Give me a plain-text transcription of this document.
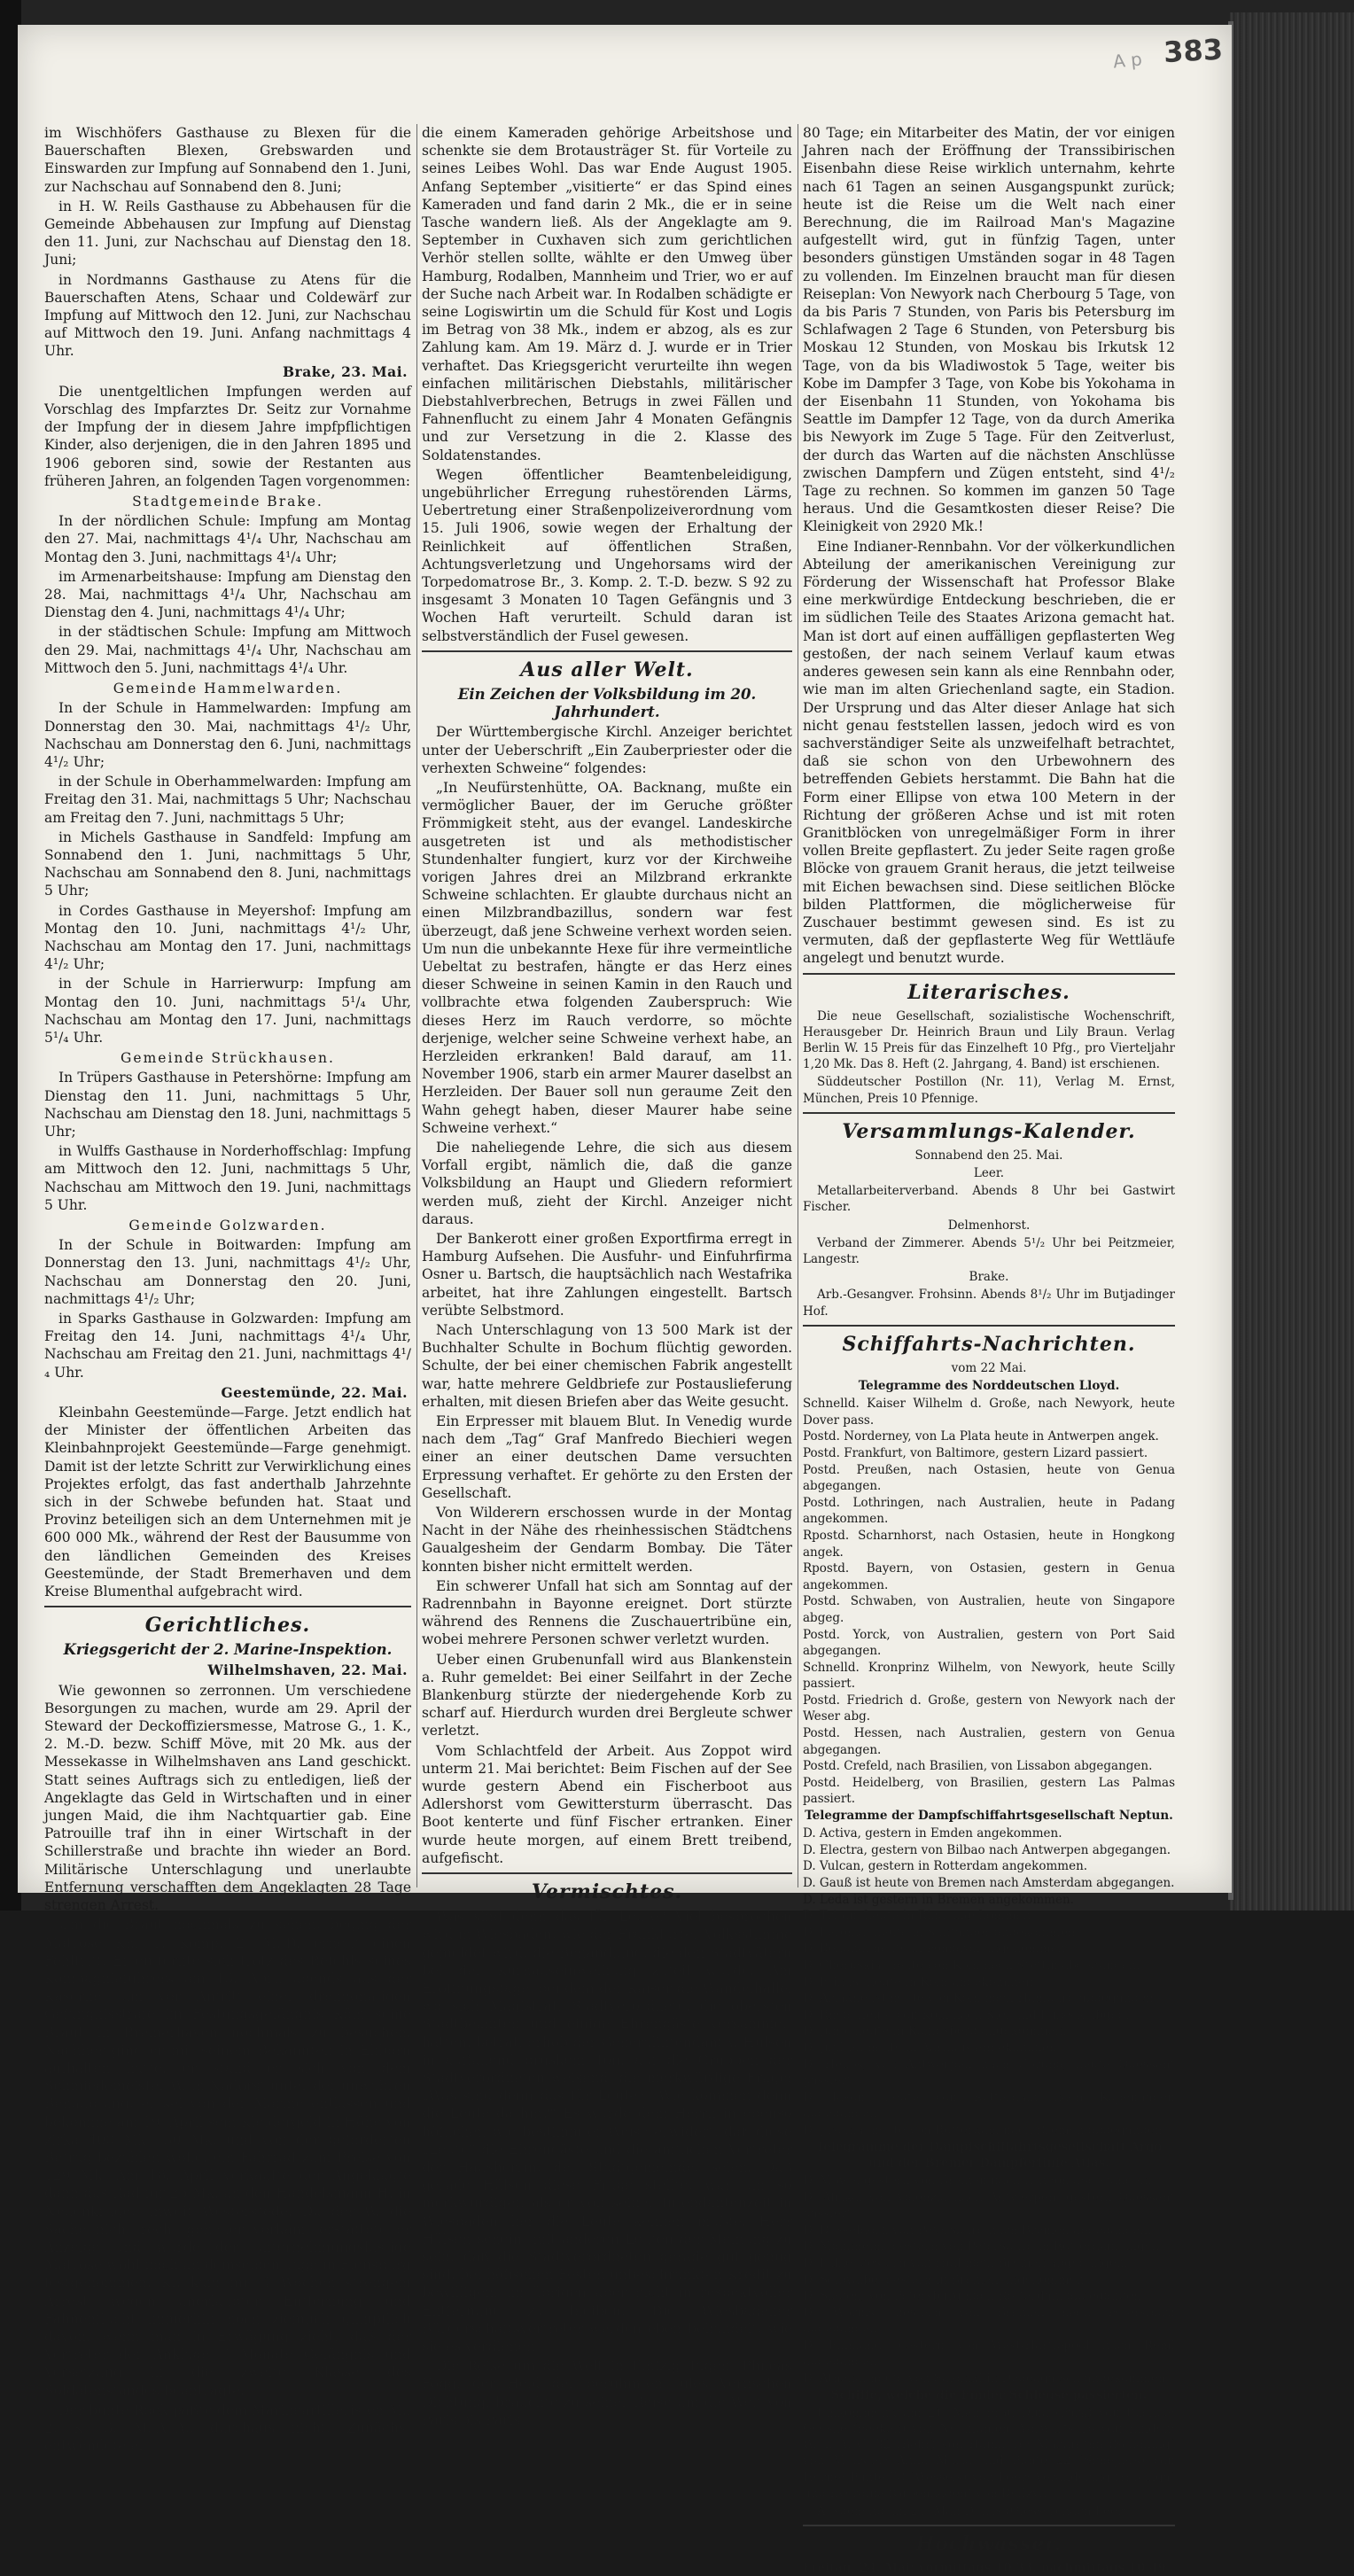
A p 383

im Wischhöfers Gasthause zu Blexen für die Bauerschaften Blexen, Grebswarden und Einswarden zur Impfung auf Sonnabend den 1. Juni, zur Nachschau auf Sonnabend den 8. Juni;

in H. W. Reils Gasthause zu Abbehausen für die Gemeinde Abbehausen zur Impfung auf Dienstag den 11. Juni, zur Nachschau auf Dienstag den 18. Juni;

in Nordmanns Gasthause zu Atens für die Bauerschaften Atens, Schaar und Coldewärf zur Impfung auf Mittwoch den 12. Juni, zur Nachschau auf Mittwoch den 19. Juni. Anfang nachmittags 4 Uhr.

Brake, 23. Mai.

Die unentgeltlichen Impfungen werden auf Vorschlag des Impfarztes Dr. Seitz zur Vornahme der Impfung der in diesem Jahre impfpflichtigen Kinder, also derjenigen, die in den Jahren 1895 und 1906 geboren sind, sowie der Restanten aus früheren Jahren, an folgenden Tagen vorgenommen:

Stadtgemeinde Brake.

In der nördlichen Schule: Impfung am Montag den 27. Mai, nachmittags 4¹/₄ Uhr, Nachschau am Montag den 3. Juni, nachmittags 4¹/₄ Uhr;

im Armenarbeitshause: Impfung am Dienstag den 28. Mai, nachmittags 4¹/₄ Uhr, Nachschau am Dienstag den 4. Juni, nachmittags 4¹/₄ Uhr;

in der städtischen Schule: Impfung am Mittwoch den 29. Mai, nachmittags 4¹/₄ Uhr, Nachschau am Mittwoch den 5. Juni, nachmittags 4¹/₄ Uhr.

Gemeinde Hammelwarden.

In der Schule in Hammelwarden: Impfung am Donnerstag den 30. Mai, nachmittags 4¹/₂ Uhr, Nachschau am Donnerstag den 6. Juni, nachmittags 4¹/₂ Uhr;

in der Schule in Oberhammelwarden: Impfung am Freitag den 31. Mai, nachmittags 5 Uhr; Nachschau am Freitag den 7. Juni, nachmittags 5 Uhr;

in Michels Gasthause in Sandfeld: Impfung am Sonnabend den 1. Juni, nachmittags 5 Uhr, Nachschau am Sonnabend den 8. Juni, nachmittags 5 Uhr;

in Cordes Gasthause in Meyershof: Impfung am Montag den 10. Juni, nachmittags 4¹/₂ Uhr, Nachschau am Montag den 17. Juni, nachmittags 4¹/₂ Uhr;

in der Schule in Harrierwurp: Impfung am Montag den 10. Juni, nachmittags 5¹/₄ Uhr, Nachschau am Montag den 17. Juni, nachmittags 5¹/₄ Uhr.

Gemeinde Strückhausen.

In Trüpers Gasthause in Petershörne: Impfung am Dienstag den 11. Juni, nachmittags 5 Uhr, Nachschau am Dienstag den 18. Juni, nachmittags 5 Uhr;

in Wulffs Gasthause in Norderhoffschlag: Impfung am Mittwoch den 12. Juni, nachmittags 5 Uhr, Nachschau am Mittwoch den 19. Juni, nachmittags 5 Uhr.

Gemeinde Golzwarden.

In der Schule in Boitwarden: Impfung am Donnerstag den 13. Juni, nachmittags 4¹/₂ Uhr, Nachschau am Donnerstag den 20. Juni, nachmittags 4¹/₂ Uhr;

in Sparks Gasthause in Golzwarden: Impfung am Freitag den 14. Juni, nachmittags 4¹/₄ Uhr, Nachschau am Freitag den 21. Juni, nachmittags 4¹/₄ Uhr.

Geestemünde, 22. Mai.

Kleinbahn Geestemünde—Farge. Jetzt endlich hat der Minister der öffentlichen Arbeiten das Kleinbahnprojekt Geestemünde—Farge genehmigt. Damit ist der letzte Schritt zur Verwirklichung eines Projektes erfolgt, das fast anderthalb Jahrzehnte sich in der Schwebe befunden hat. Staat und Provinz beteiligen sich an dem Unternehmen mit je 600 000 Mk., während der Rest der Bausumme von den ländlichen Gemeinden des Kreises Geestemünde, der Stadt Bremerhaven und dem Kreise Blumenthal aufgebracht wird.

Gerichtliches.

Kriegsgericht der 2. Marine-Inspektion.

Wilhelmshaven, 22. Mai.

Wie gewonnen so zerronnen. Um verschiedene Besorgungen zu machen, wurde am 29. April der Steward der Deckoffiziersmesse, Matrose G., 1. K., 2. M.-D. bezw. Schiff Möve, mit 20 Mk. aus der Messekasse in Wilhelmshaven ans Land geschickt. Statt seines Auftrags sich zu entledigen, ließ der Angeklagte das Geld in Wirtschaften und in einer jungen Maid, die ihm Nachtquartier gab. Eine Patrouille traf ihn in einer Wirtschaft in der Schillerstraße und brachte ihn wieder an Bord. Militärische Unterschlagung und unerlaubte Entfernung verschafften dem Angeklagten 28 Tage strengen Arrest.

Um die Braut nochmals zu sehen, beging der Matrose Kr., 1. Komp. 2. M.-D. erneut einen Fehltritt. Er entfernte sich trotz des Befehls seines Kompagnieführers am 13. April abends aus der Kaserne, um vor Antritt einer dreimonatigen Gefängnisstrafe im Festungsgefängnis Köln seine Braut in Bremerhaven nochmals zu besuchen. Nachher ging er mit seinem Bekannten in Ehborn aufhalten hatte, er stand er sich von dem Schmiedemeister W. in Nadorst unter der unwahren Behauptung, er sei von der Marine entlassen und bekomme am 19. April sein Kleidergeld in Höhe von zirka 400 Mk., 30 Mk. und von der geforderten Betrag bezahlen wolle, ein Fahrrad zum Preise von 129 Mk. Am 18. April verkaufte der Angeklagte dann das Rad für 25 Mk. an den Handelsmann H. in Neuenkruge, unweit Westerstede. Da der W. die Sache nicht recht geheuer vorkam, erstattete er Anzeige und wurde der unternehmungslustige Matrose wohl noch an demselben Tage in Flensburg festgenommen. Kr. kam mit 4 Wochen strengem Arrest wegen unerlaubter Entfernung und Fahnenflucht immerhin noch ziemlich glimpflich davon, wenn man in Erwägung zieht, daß der Vertreter der Anklage 7 Monate Gefängnis und Versetzung in die zweite Klasse des Soldatenstandes beantragte.

Der bunte Rock paßte dem Marineartilleristen M., 2. K. 3. M.-A.-A., durchaus nicht. Zunächst entwendete er

die einem Kameraden gehörige Arbeitshose und schenkte sie dem Brotausträger St. für Vorteile zu seines Leibes Wohl. Das war Ende August 1905. Anfang September „visitierte“ er das Spind eines Kameraden und fand darin 2 Mk., die er in seine Tasche wandern ließ. Als der Angeklagte am 9. September in Cuxhaven sich zum gerichtlichen Verhör stellen sollte, wählte er den Umweg über Hamburg, Rodalben, Mannheim und Trier, wo er auf der Suche nach Arbeit war. In Rodalben schädigte er seine Logiswirtin um die Schuld für Kost und Logis im Betrag von 38 Mk., indem er abzog, als es zur Zahlung kam. Am 19. März d. J. wurde er in Trier verhaftet. Das Kriegsgericht verurteilte ihn wegen einfachen militärischen Diebstahls, militärischer Diebstahlverbrechen, Betrugs in zwei Fällen und Fahnenflucht zu einem Jahr 4 Monaten Gefängnis und zur Versetzung in die 2. Klasse des Soldatenstandes.

Wegen öffentlicher Beamtenbeleidigung, ungebührlicher Erregung ruhestörenden Lärms, Uebertretung einer Straßenpolizeiverordnung vom 15. Juli 1906, sowie wegen der Erhaltung der Reinlichkeit auf öffentlichen Straßen, Achtungsverletzung und Ungehorsams wird der Torpedomatrose Br., 3. Komp. 2. T.-D. bezw. S 92 zu insgesamt 3 Monaten 10 Tagen Gefängnis und 3 Wochen Haft verurteilt. Schuld daran ist selbstverständlich der Fusel gewesen.

Aus aller Welt.

Ein Zeichen der Volksbildung im 20. Jahrhundert.

Der Württembergische Kirchl. Anzeiger berichtet unter der Ueberschrift „Ein Zauberpriester oder die verhexten Schweine“ folgendes:

„In Neufürstenhütte, OA. Backnang, mußte ein vermöglicher Bauer, der im Geruche größter Frömmigkeit steht, aus der evangel. Landeskirche ausgetreten ist und als methodistischer Stundenhalter fungiert, kurz vor der Kirchweihe vorigen Jahres drei an Milzbrand erkrankte Schweine schlachten. Er glaubte durchaus nicht an einen Milzbrandbazillus, sondern war fest überzeugt, daß jene Schweine verhext worden seien. Um nun die unbekannte Hexe für ihre vermeintliche Uebeltat zu bestrafen, hängte er das Herz eines dieser Schweine in seinen Kamin in den Rauch und vollbrachte etwa folgenden Zauberspruch: Wie dieses Herz im Rauch verdorre, so möchte derjenige, welcher seine Schweine verhext habe, an Herzleiden erkranken! Bald darauf, am 11. November 1906, starb ein armer Maurer daselbst an Herzleiden. Der Bauer soll nun geraume Zeit den Wahn gehegt haben, dieser Maurer habe seine Schweine verhext.“

Die naheliegende Lehre, die sich aus diesem Vorfall ergibt, nämlich die, daß die ganze Volksbildung an Haupt und Gliedern reformiert werden muß, zieht der Kirchl. Anzeiger nicht daraus.

Der Bankerott einer großen Exportfirma erregt in Hamburg Aufsehen. Die Ausfuhr- und Einfuhrfirma Osner u. Bartsch, die hauptsächlich nach Westafrika arbeitet, hat ihre Zahlungen eingestellt. Bartsch verübte Selbstmord.

Nach Unterschlagung von 13 500 Mark ist der Buchhalter Schulte in Bochum flüchtig geworden. Schulte, der bei einer chemischen Fabrik angestellt war, hatte mehrere Geldbriefe zur Postauslieferung erhalten, mit diesen Briefen aber das Weite gesucht.

Ein Erpresser mit blauem Blut. In Venedig wurde nach dem „Tag“ Graf Manfredo Biechieri wegen einer an einer deutschen Dame versuchten Erpressung verhaftet. Er gehörte zu den Ersten der Gesellschaft.

Von Wilderern erschossen wurde in der Montag Nacht in der Nähe des rheinhessischen Städtchens Gaualgesheim der Gendarm Bombay. Die Täter konnten bisher nicht ermittelt werden.

Ein schwerer Unfall hat sich am Sonntag auf der Radrennbahn in Bayonne ereignet. Dort stürzte während des Rennens die Zuschauertribüne ein, wobei mehrere Personen schwer verletzt wurden.

Ueber einen Grubenunfall wird aus Blankenstein a. Ruhr gemeldet: Bei einer Seilfahrt in der Zeche Blankenburg stürzte der niedergehende Korb zu scharf auf. Hierdurch wurden drei Bergleute schwer verletzt.

Vom Schlachtfeld der Arbeit. Aus Zoppot wird unterm 21. Mai berichtet: Beim Fischen auf der See wurde gestern Abend ein Fischerboot aus Adlershorst vom Gewittersturm überrascht. Das Boot kenterte und fünf Fischer ertranken. Einer wurde heute morgen, auf einem Brett treibend, aufgefischt.

Vermischtes.

Was sind denn das für Leute? Viel besprochen wird in Wiesbaden, wie der Frankfurter Volksstimme gemeldet wird, die Behandlung, die den Stadtvätern bei der Kurhauseinweihung zuteil wurde. Am Eröffnungstage, bei dem der Kaiser die Wandelhalle, wo sich Magistrat, Stadtverordnete, die obersten Stadtbeamten und einige Ehrengäste versammelt hatten, betrat, erhob der Generalintendant v. Hülsen in auffallend brüskem Ton, auf die Gruppen der Stadtverordneten weisend, die merkwürdige Frage: „Was sind denn das für Leute?“ Wie kommen denn die Leute da hin?“ Es wurde dem Herrn in ebenso höflicher, wie bestimmter Weise erwidert, daß diese „Leute“ die Ehrengäste und die amtlichen Vertreter der Hausherrin, der Stadtgemeinde, seien. Daß gerade Hülsen diese Frage stellte, war um so merkwürdiger, als er von seiner Intendantenzeit in Wiesbaden her die Leute kennen mußte. Herr Hülsen scheint mit anderen Leuten der Meinung zu sein, daß die Stadtverordneten gerade gut genug sind, bei höfischen Festen unbeschränkten Kredit zu bewilligen, im übrigen aber nicht in respektvoller Entfernung zu bleiben. Die Wiesbadener Bürgerschaftsvertreter werden eben behandelt, wie sie es verdienen.

Die Reise um die Welt in fünfzig Tagen. Phileas Fogg, der Held der berühmten Jules Vernschen Dichtung, brauchte zu seiner Reise um die Welt von Paris bis Paris

80 Tage; ein Mitarbeiter des Matin, der vor einigen Jahren nach der Eröffnung der Transsibirischen Eisenbahn diese Reise wirklich unternahm, kehrte nach 61 Tagen an seinen Ausgangspunkt zurück; heute ist die Reise um die Welt nach einer Berechnung, die im Railroad Man's Magazine aufgestellt wird, gut in fünfzig Tagen, unter besonders günstigen Umständen sogar in 48 Tagen zu vollenden. Im Einzelnen braucht man für diesen Reiseplan: Von Newyork nach Cherbourg 5 Tage, von da bis Paris 7 Stunden, von Paris bis Petersburg im Schlafwagen 2 Tage 6 Stunden, von Petersburg bis Moskau 12 Stunden, von Moskau bis Irkutsk 12 Tage, von da bis Wladiwostok 5 Tage, weiter bis Kobe im Dampfer 3 Tage, von Kobe bis Yokohama in der Eisenbahn 11 Stunden, von Yokohama bis Seattle im Dampfer 12 Tage, von da durch Amerika bis Newyork im Zuge 5 Tage. Für den Zeitverlust, der durch das Warten auf die nächsten Anschlüsse zwischen Dampfern und Zügen entsteht, sind 4¹/₂ Tage zu rechnen. So kommen im ganzen 50 Tage heraus. Und die Gesamtkosten dieser Reise? Die Kleinigkeit von 2920 Mk.!

Eine Indianer-Rennbahn. Vor der völkerkundlichen Abteilung der amerikanischen Vereinigung zur Förderung der Wissenschaft hat Professor Blake eine merkwürdige Entdeckung beschrieben, die er im südlichen Teile des Staates Arizona gemacht hat. Man ist dort auf einen auffälligen gepflasterten Weg gestoßen, der nach seinem Verlauf kaum etwas anderes gewesen sein kann als eine Rennbahn oder, wie man im alten Griechenland sagte, ein Stadion. Der Ursprung und das Alter dieser Anlage hat sich nicht genau feststellen lassen, jedoch wird es von sachverständiger Seite als unzweifelhaft betrachtet, daß sie schon von den Urbewohnern des betreffenden Gebiets herstammt. Die Bahn hat die Form einer Ellipse von etwa 100 Metern in der Richtung der größeren Achse und ist mit roten Granitblöcken von unregelmäßiger Form in ihrer vollen Breite gepflastert. Zu jeder Seite ragen große Blöcke von grauem Granit heraus, die jetzt teilweise mit Eichen bewachsen sind. Diese seitlichen Blöcke bilden Plattformen, die möglicherweise für Zuschauer bestimmt gewesen sind. Es ist zu vermuten, daß der gepflasterte Weg für Wettläufe angelegt und benutzt wurde.

Literarisches.

Die neue Gesellschaft, sozialistische Wochenschrift, Herausgeber Dr. Heinrich Braun und Lily Braun. Verlag Berlin W. 15 Preis für das Einzelheft 10 Pfg., pro Vierteljahr 1,20 Mk. Das 8. Heft (2. Jahrgang, 4. Band) ist erschienen.

Süddeutscher Postillon (Nr. 11), Verlag M. Ernst, München, Preis 10 Pfennige.

Versammlungs-Kalender.

Sonnabend den 25. Mai.

Leer.

Metallarbeiterverband. Abends 8 Uhr bei Gastwirt Fischer.

Delmenhorst.

Verband der Zimmerer. Abends 5¹/₂ Uhr bei Peitzmeier, Langestr.

Brake.

Arb.-Gesangver. Frohsinn. Abends 8¹/₂ Uhr im Butjadinger Hof.

Schiffahrts-Nachrichten.

vom 22 Mai.

Telegramme des Norddeutschen Lloyd.

Schnelld. Kaiser Wilhelm d. Große, nach Newyork, heute Dover pass.

Postd. Norderney, von La Plata heute in Antwerpen angek.

Postd. Frankfurt, von Baltimore, gestern Lizard passiert.

Postd. Preußen, nach Ostasien, heute von Genua abgegangen.

Postd. Lothringen, nach Australien, heute in Padang angekommen.

Rpostd. Scharnhorst, nach Ostasien, heute in Hongkong angek.

Rpostd. Bayern, von Ostasien, gestern in Genua angekommen.

Postd. Schwaben, von Australien, heute von Singapore abgeg.

Postd. Yorck, von Australien, gestern von Port Said abgegangen.

Schnelld. Kronprinz Wilhelm, von Newyork, heute Scilly passiert.

Postd. Friedrich d. Große, gestern von Newyork nach der Weser abg.

Postd. Hessen, nach Australien, gestern von Genua abgegangen.

Postd. Crefeld, nach Brasilien, von Lissabon abgegangen.

Postd. Heidelberg, von Brasilien, gestern Las Palmas passiert.

Telegramme der Dampfschiffahrtsgesellschaft Neptun.

D. Activa, gestern in Emden angekommen.

D. Electra, gestern von Bilbao nach Antwerpen abgegangen.

D. Vulcan, gestern in Rotterdam angekommen.

D. Gauß ist heute von Bremen nach Amsterdam abgegangen.

D. Leda ist gestern in Bremen angekommen.

D. Triton, heute in Riga angekommen.

D. Feronia, heute in Santander angekommen.

D. Bellona, heute in Pomaron angekommen.

D. Cheruskia, heute von Köln nach Stettin abgegangen.

D. Etin ist heute in Köln angekommen.

D. Ariadne ist heute von Köln nach Hamburg abgegangen.

D. Rhea, heute von Köln nach Kiel und Lübeck abgeg.

D. Juno, heute in Königsberg angekommen.

D. Jupiter, heute in Aarhuus angekommen.

D. Helios, von Antwerpen nach Coruna, heute Quessant passiert.

D. Iason, heute von Rotterdam nach Kopenhagen abgegangen.

D. Jasonia, heute von Rotterdam nach Bremen abgegangen.

Telegramme der Dampfschiffahrtsgesellschaft Argo und der Bremer Dampferlinie Atlas.

D. Möwe, gestern von Bremen nach London abgegangen.

D. Afrika, von Valenzia nach Antwerpen, gestern Quessant passiert.

D. Düsseldorf, von Petersburg nach Bremen abgegangen.

D. Mannheim, gestern von Petersburg in Rotterdam angek.

D. Falke, gestern von Hull nach Bremen abgegangen.

D. Schwalbe, gestern in Bremen angekommen.

D. Siegen, von Petersburg nach Rotterdam abgegangen.

D. Worms, gestern von Bremen nach Petersburg abgegangen.

D. Finnland, gestern von West-Hartlepool nach Remi abgegangen.

D. Athena, heute von Saloniki in Dedeagatsch angekommen.

Schiffe, welche die Emder Schleuse passierten.

Einkommend am 21. Mai: Frau Dina (Park) von Itzehoe; Geeske (Feeken) von Neumühlen; Vorwärts 16 von Emden; W. T. A. G. 32 (Behr) von Hamburg; Magaretha (Schöning) von Münster; Anna Maria und Pünte 22 (Schepers) von Herne; Pünte 38 (Wessels) von Leer; Verandering (Havinga) und Everdina (Groenhagen) von Delfzyl.

Ausgehend am 21. Mai: D. Iris (Giessel) nach Leer;

Hochwasser.

Freitag, 24. Mai: vormittags 10.33, nachmittags 10.49
